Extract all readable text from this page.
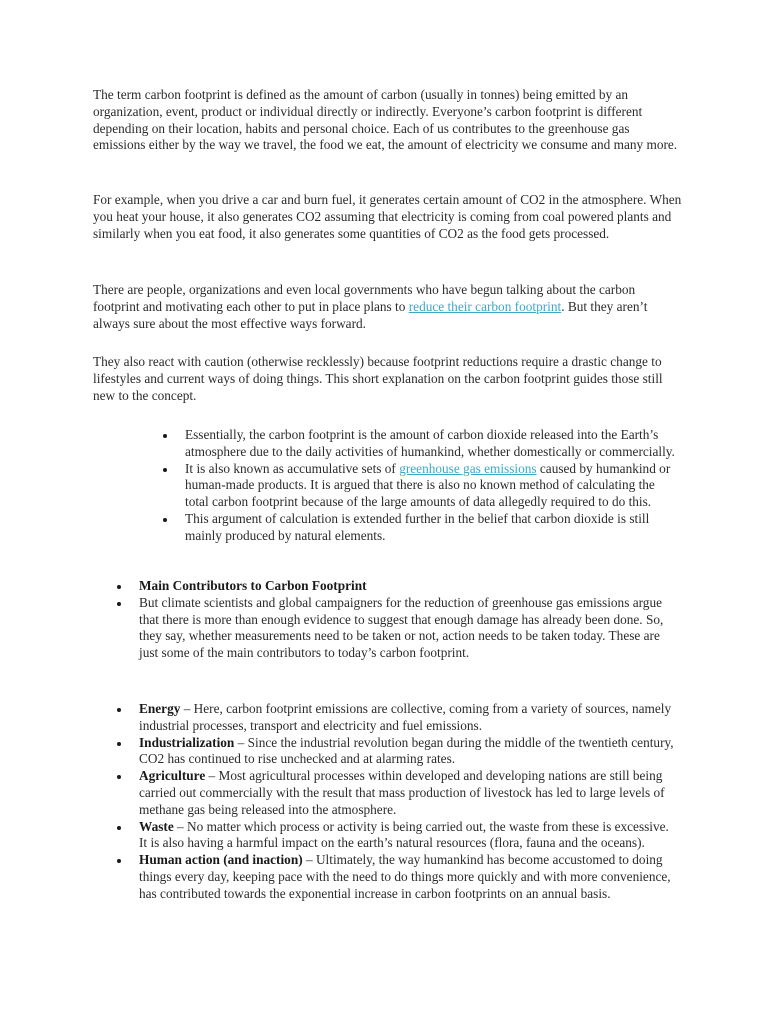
The term carbon footprint is defined as the amount of carbon (usually in tonnes) being emitted by an organization, event, product or individual directly or indirectly. Everyone’s carbon footprint is different depending on their location, habits and personal choice. Each of us contributes to the greenhouse gas emissions either by the way we travel, the food we eat, the amount of electricity we consume and many more.

For example, when you drive a car and burn fuel, it generates certain amount of CO2 in the atmosphere. When you heat your house, it also generates CO2 assuming that electricity is coming from coal powered plants and similarly when you eat food, it also generates some quantities of CO2 as the food gets processed.

There are people, organizations and even local governments who have begun talking about the carbon footprint and motivating each other to put in place plans to reduce their carbon footprint. But they aren’t always sure about the most effective ways forward.

They also react with caution (otherwise recklessly) because footprint reductions require a drastic change to lifestyles and current ways of doing things. This short explanation on the carbon footprint guides those still new to the concept.

Essentially, the carbon footprint is the amount of carbon dioxide released into the Earth’s atmosphere due to the daily activities of humankind, whether domestically or commercially.
It is also known as accumulative sets of greenhouse gas emissions caused by humankind or human-made products. It is argued that there is also no known method of calculating the total carbon footprint because of the large amounts of data allegedly required to do this.
This argument of calculation is extended further in the belief that carbon dioxide is still mainly produced by natural elements.
Main Contributors to Carbon Footprint
But climate scientists and global campaigners for the reduction of greenhouse gas emissions argue that there is more than enough evidence to suggest that enough damage has already been done. So, they say, whether measurements need to be taken or not, action needs to be taken today. These are just some of the main contributors to today’s carbon footprint.
Energy – Here, carbon footprint emissions are collective, coming from a variety of sources, namely industrial processes, transport and electricity and fuel emissions.
Industrialization – Since the industrial revolution began during the middle of the twentieth century, CO2 has continued to rise unchecked and at alarming rates.
Agriculture – Most agricultural processes within developed and developing nations are still being carried out commercially with the result that mass production of livestock has led to large levels of methane gas being released into the atmosphere.
Waste – No matter which process or activity is being carried out, the waste from these is excessive. It is also having a harmful impact on the earth’s natural resources (flora, fauna and the oceans).
Human action (and inaction) – Ultimately, the way humankind has become accustomed to doing things every day, keeping pace with the need to do things more quickly and with more convenience, has contributed towards the exponential increase in carbon footprints on an annual basis.
